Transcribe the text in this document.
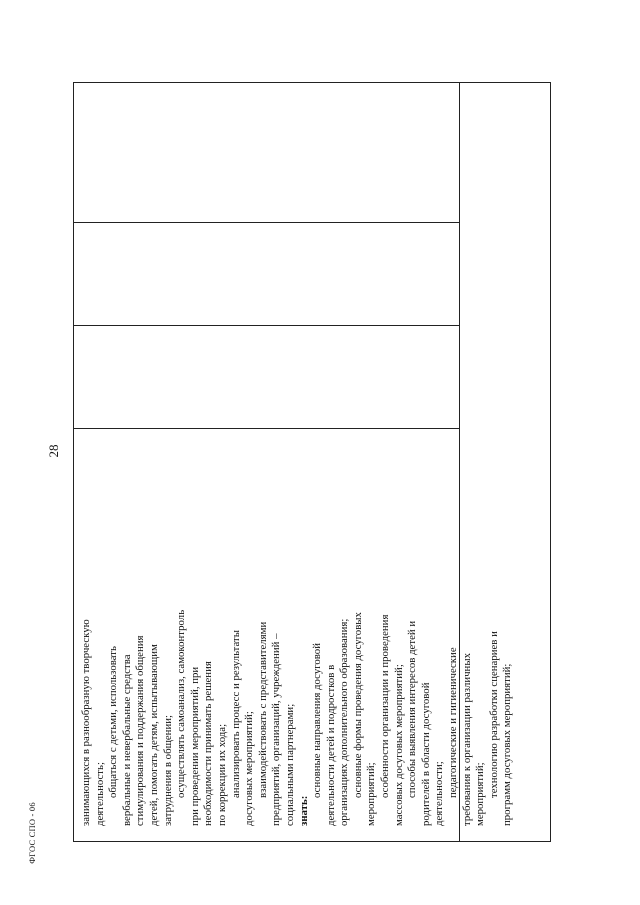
28
ФГОС СПО - 06
занимающихся в разнообразную творческую деятельность; общаться с детьми, использовать вербальные и невербальные средства стимулирования и поддержания общения детей, помогать детям, испытывающим затруднения в общении; осуществлять самоанализ, самоконтроль при проведении мероприятий, при необходимости принимать решения по коррекции их хода; анализировать процесс и результаты досуговых мероприятий; взаимодействовать с представителями предприятий, организаций, учреждений – социальными партнерами; знать:
основные направления досуговой деятельности детей и подростков в организациях дополнительного образования; основные формы проведения досуговых мероприятий; особенности организации и проведения массовых досуговых мероприятий; способы выявления интересов детей и родителей в области досуговой деятельности; педагогические и гигиенические требования к организации различных мероприятий; технологию разработки сценариев и программ досуговых мероприятий;
